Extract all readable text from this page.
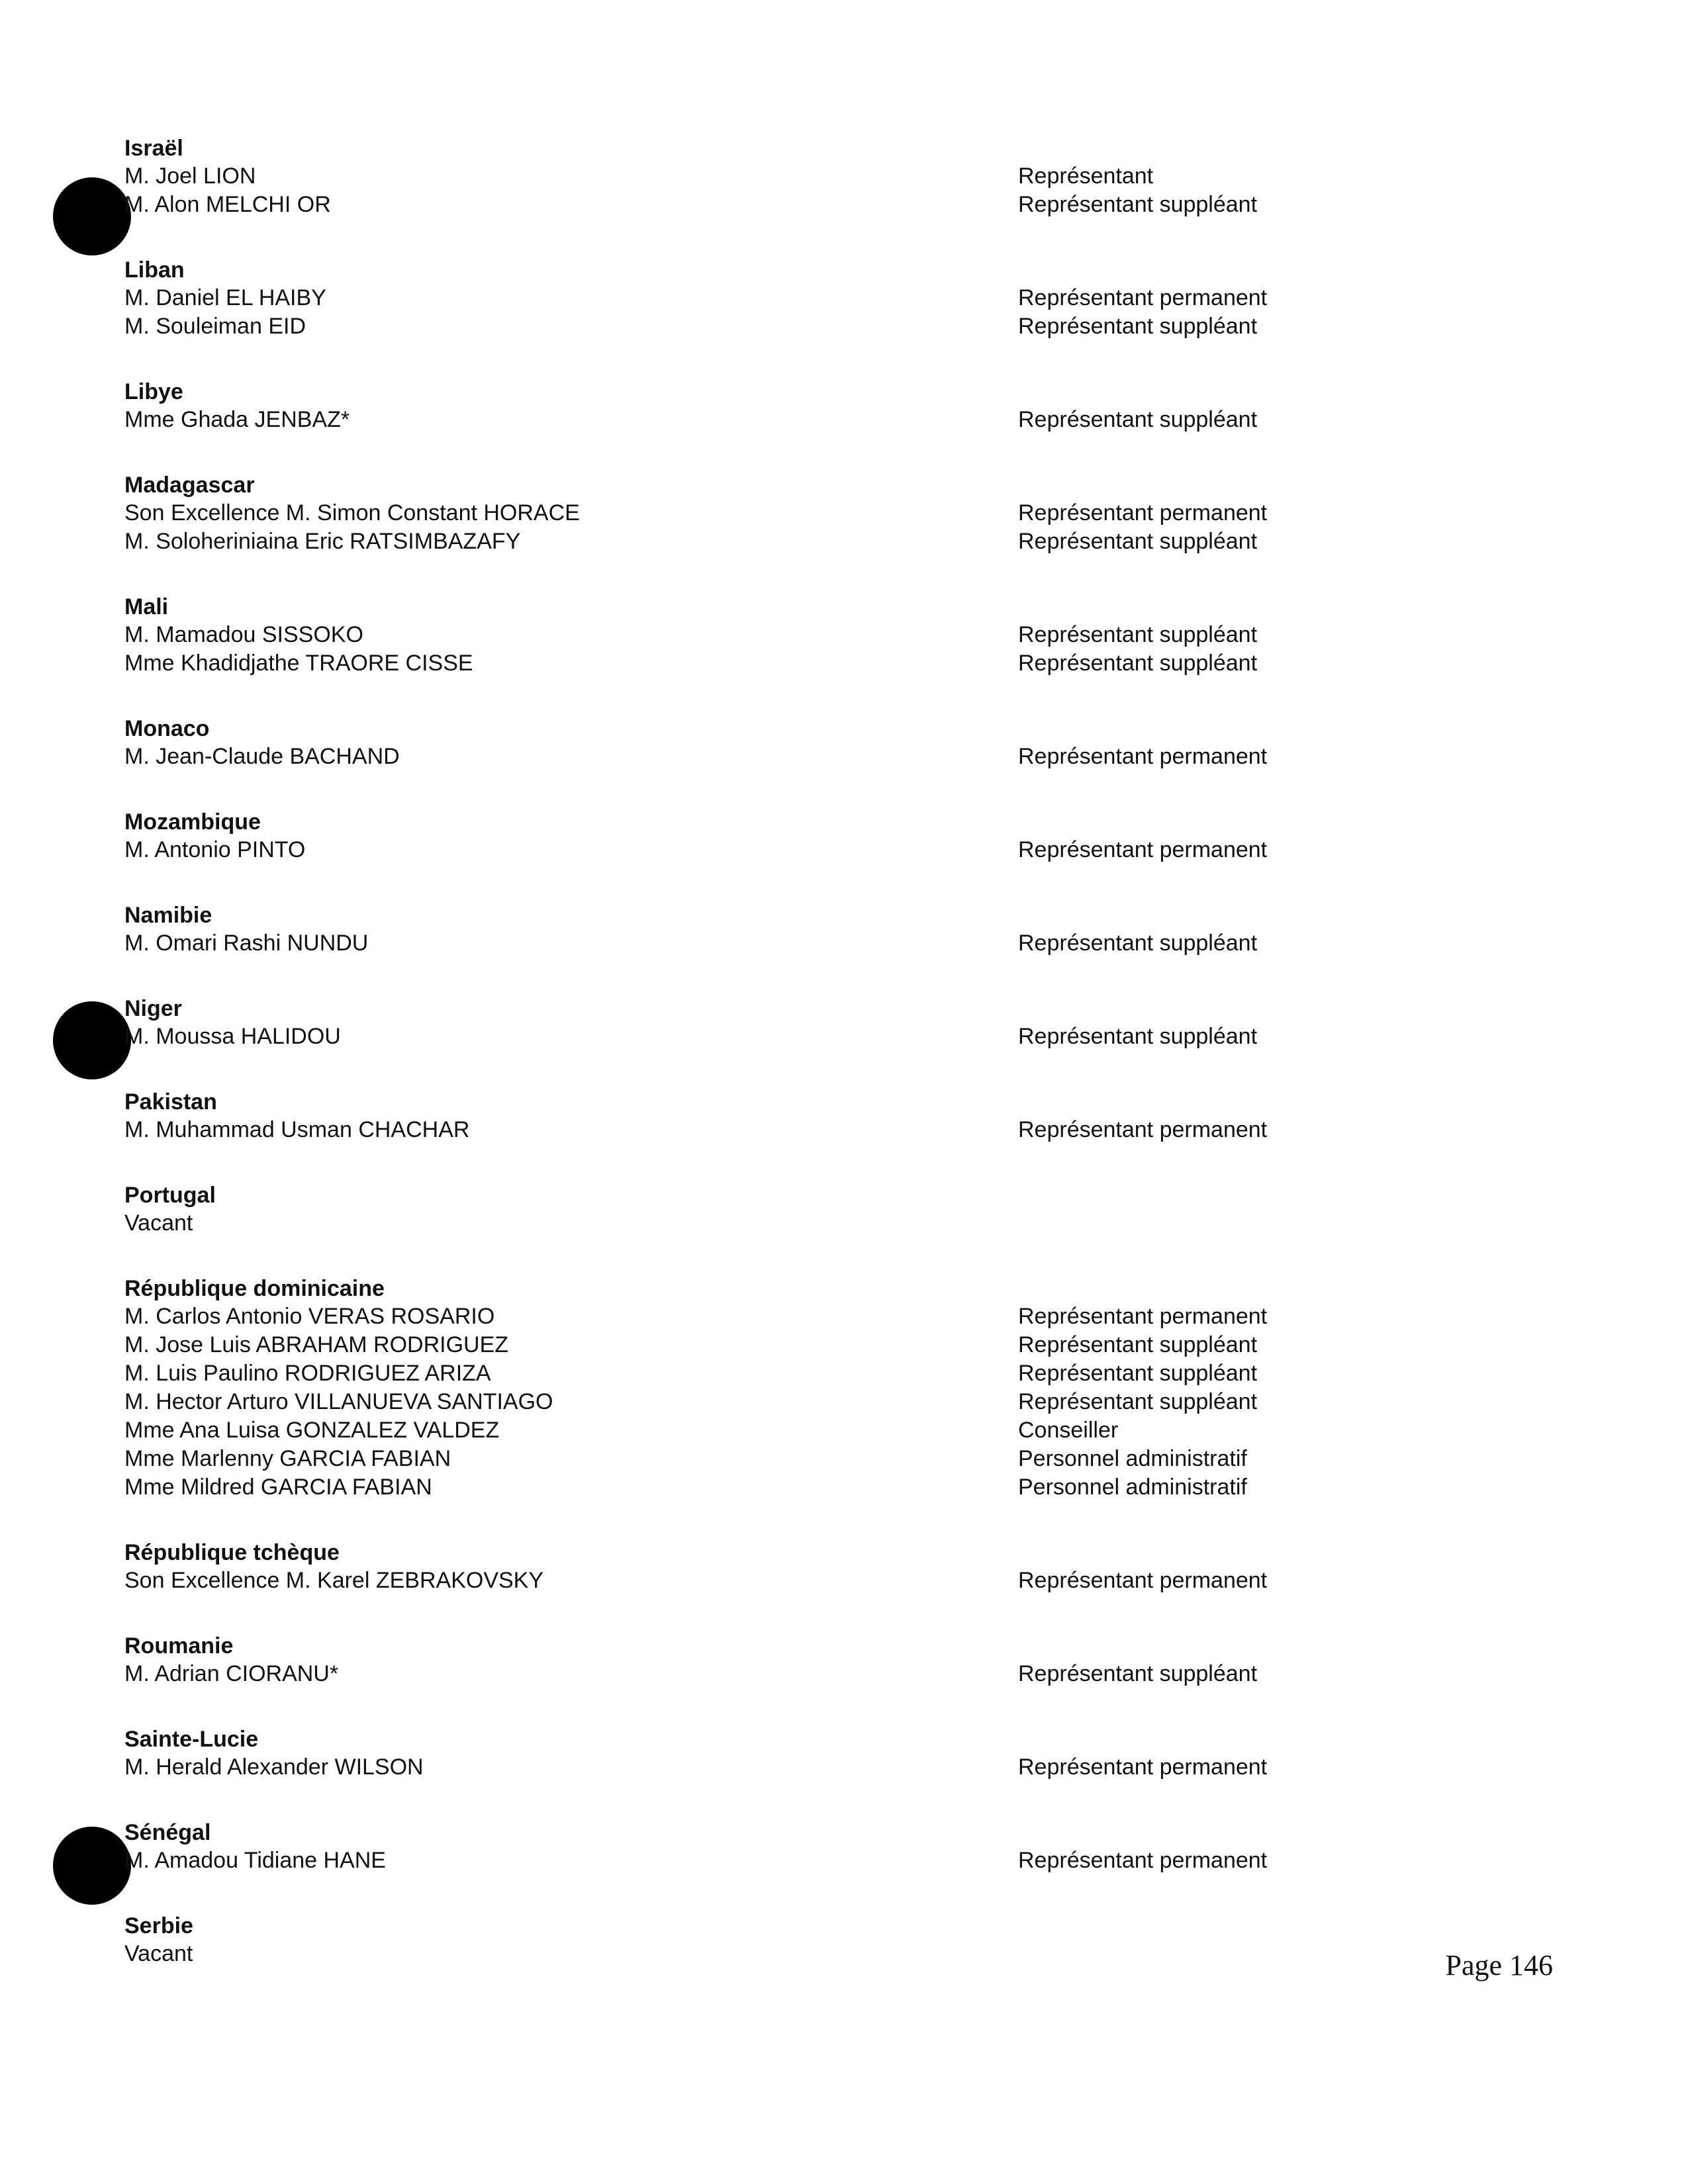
Israël
M. Joel LION	Représentant
M. Alon MELCHI OR	Représentant suppléant
Liban
M. Daniel EL HAIBY	Représentant permanent
M. Souleiman EID	Représentant suppléant
Libye
Mme Ghada JENBAZ*	Représentant suppléant
Madagascar
Son Excellence M. Simon Constant HORACE	Représentant permanent
M. Soloheriniaina Eric RATSIMBAZAFY	Représentant suppléant
Mali
M. Mamadou SISSOKO	Représentant suppléant
Mme Khadidjathe TRAORE CISSE	Représentant suppléant
Monaco
M. Jean-Claude BACHAND	Représentant permanent
Mozambique
M. Antonio PINTO	Représentant permanent
Namibie
M. Omari Rashi NUNDU	Représentant suppléant
Niger
M. Moussa HALIDOU	Représentant suppléant
Pakistan
M. Muhammad Usman CHACHAR	Représentant permanent
Portugal
Vacant
République dominicaine
M. Carlos Antonio VERAS ROSARIO	Représentant permanent
M. Jose Luis ABRAHAM RODRIGUEZ	Représentant suppléant
M. Luis Paulino RODRIGUEZ ARIZA	Représentant suppléant
M. Hector Arturo VILLANUEVA SANTIAGO	Représentant suppléant
Mme Ana Luisa GONZALEZ VALDEZ	Conseiller
Mme Marlenny GARCIA FABIAN	Personnel administratif
Mme Mildred GARCIA FABIAN	Personnel administratif
République tchèque
Son Excellence M. Karel ZEBRAKOVSKY	Représentant permanent
Roumanie
M. Adrian CIORANU*	Représentant suppléant
Sainte-Lucie
M. Herald Alexander WILSON	Représentant permanent
Sénégal
M. Amadou Tidiane HANE	Représentant permanent
Serbie
Vacant	Page 146
